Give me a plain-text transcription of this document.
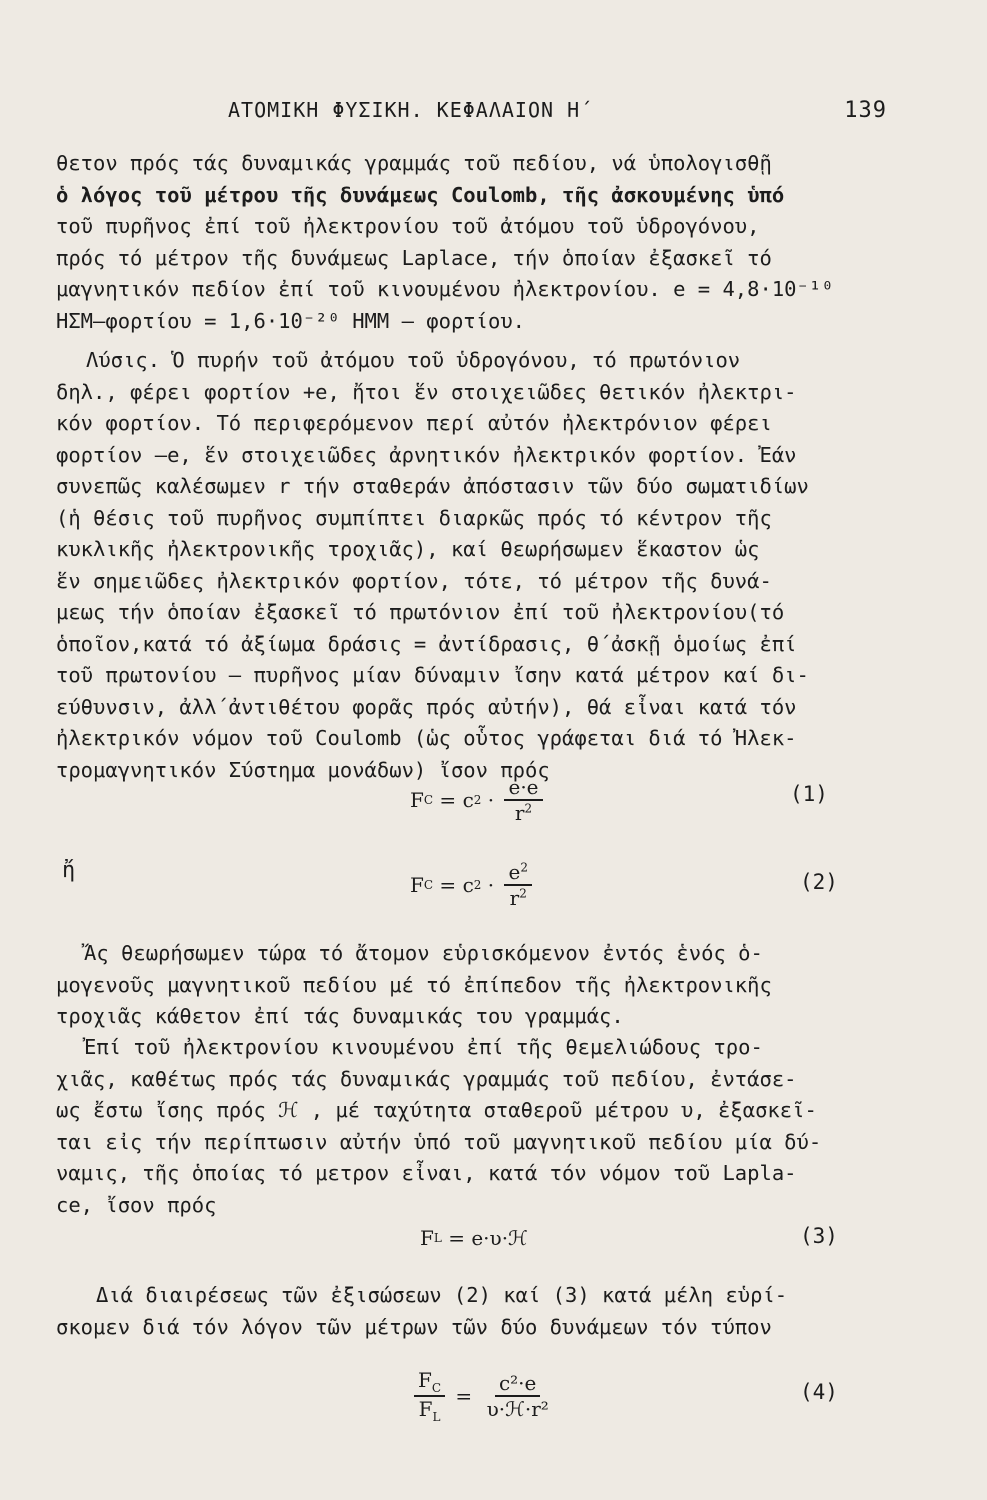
ΑΤΟΜΙΚΗ ΦΥΣΙΚΗ. ΚΕΦΑΛΑΙΟΝ Η΄	139
θετον πρός τάς δυναμικάς γραμμάς τοῦ πεδίου, νά ὑπολογισθῇ
ὁ λόγος τοῦ μέτρου τῆς δυνάμεως Coulomb, τῆς ἀσκουμένης ὑπό
τοῦ πυρῆνος ἐπί τοῦ ἠλεκτρονίου τοῦ ἀτόμου τοῦ ὑδρογόνου,
πρός τό μέτρον τῆς δυνάμεως Laplace, τήν ὁποίαν ἐξασκεῖ τό
μαγνητικόν πεδίον ἐπί τοῦ κινουμένου ἠλεκτρονίου. e = 4,8·10⁻¹⁰
ΗΣΜ–φορτίου = 1,6·10⁻²⁰ ΗΜΜ – φορτίου.
Λύσις. Ὁ πυρήν τοῦ ἀτόμου τοῦ ὑδρογόνου, τό πρωτόνιον
δηλ., φέρει φορτίον +e, ἤτοι ἕν στοιχειῶδες θετικόν ἠλεκτρι-
κόν φορτίον. Τό περιφερόμενον περί αὐτόν ἠλεκτρόνιον φέρει
φορτίον –e, ἕν στοιχειῶδες ἀρνητικόν ἠλεκτρικόν φορτίον. Ἐάν
συνεπῶς καλέσωμεν r τήν σταθεράν ἀπόστασιν τῶν δύο σωματιδίων
(ἡ θέσις τοῦ πυρῆνος συμπίπτει διαρκῶς πρός τό κέντρον τῆς
κυκλικῆς ἠλεκτρονικῆς τροχιᾶς), καί θεωρήσωμεν ἕκαστον ὡς
ἕν σημειῶδες ἠλεκτρικόν φορτίον, τότε, τό μέτρον τῆς δυνά-
μεως τήν ὁποίαν ἐξασκεῖ τό πρωτόνιον ἐπί τοῦ ἠλεκτρονίου(τό
ὁποῖον,κατά τό ἀξίωμα δράσις = ἀντίδρασις, θ΄ἀσκῇ ὁμοίως ἐπί
τοῦ πρωτονίου – πυρῆνος μίαν δύναμιν ἴσην κατά μέτρον καί δι-
εύθυνσιν, ἀλλ΄ἀντιθέτου φορᾶς πρός αὐτήν), θά εἶναι κατά τόν
ἠλεκτρικόν νόμον τοῦ Coulomb (ὡς οὗτος γράφεται διά τό Ἠλεκ-
τρομαγνητικόν Σύστημα μονάδων) ἴσον πρός
F C = c $2 \cdot \frac{e\cdot e}{r^2}$	(1)
ἤ
F C = c $2 \cdot \frac{e^2}{r^2}$	(2)
Ἄς θεωρήσωμεν τώρα τό ἄτομον εὑρισκόμενον ἐντός ἑνός ὁ-
μογενοῦς μαγνητικοῦ πεδίου μέ τό ἐπίπεδον τῆς ἠλεκτρονικῆς
τροχιᾶς κάθετον ἐπί τάς δυναμικάς του γραμμάς.
Ἐπί τοῦ ἠλεκτρονίου κινουμένου ἐπί τῆς θεμελιώδους τρο-
χιᾶς, καθέτως πρός τάς δυναμικάς γραμμάς τοῦ πεδίου, ἐντάσε-
ως ἔστω ἴσης πρός ℋ , μέ ταχύτητα σταθεροῦ μέτρου υ, ἐξασκεῖ-
ται εἰς τήν περίπτωσιν αὐτήν ὑπό τοῦ μαγνητικοῦ πεδίου μία δύ-
ναμις, τῆς ὁποίας τό μετρον εἶναι, κατά τόν νόμον τοῦ Lapla-
ce, ἴσον πρός
F L = e·υ·ℋ	(3)
Διά διαιρέσεως τῶν ἐξισώσεων (2) καί (3) κατά μέλη εὑρί-
σκομεν διά τόν λόγον τῶν μέτρων τῶν δύο δυνάμεων τόν τύπον
$\frac{F_C}{F_L} = \frac{\text{c²·e}}{\text{υ·ℋ·r²}}$	(4)
